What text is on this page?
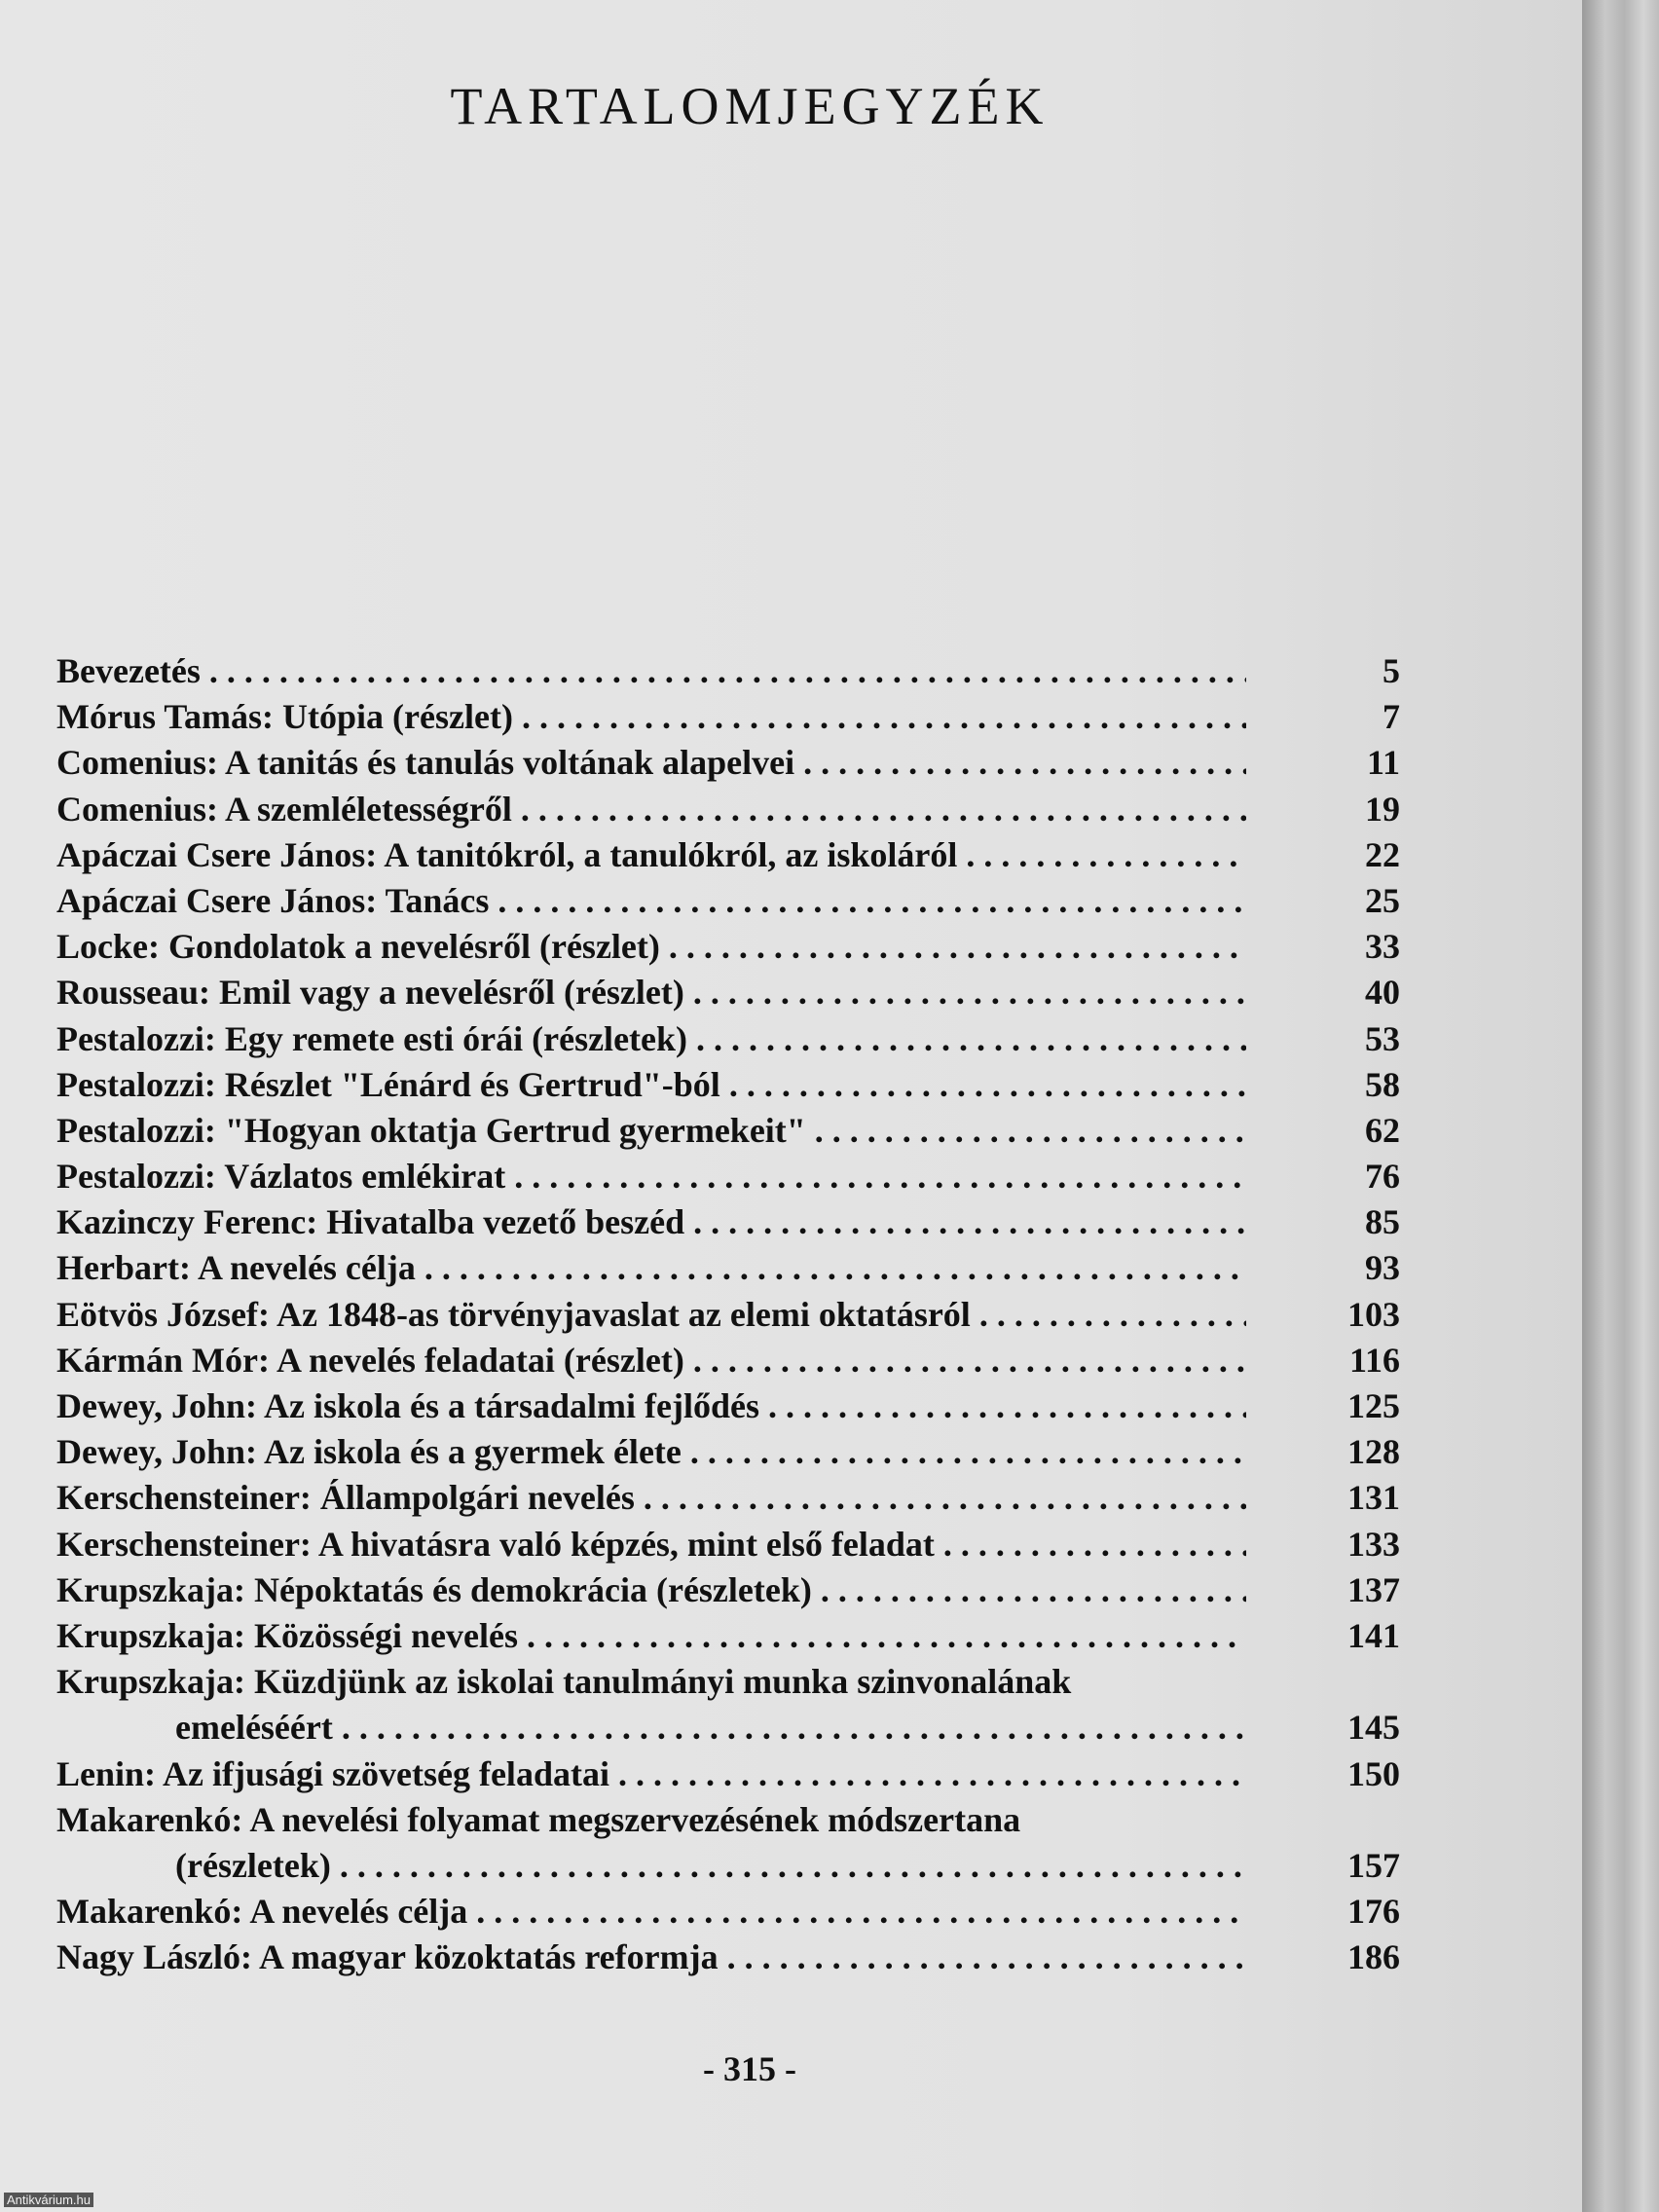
TARTALOMJEGYZÉK
Bevezetés . . .	5
Mórus Tamás: Utópia (részlet) . . .	7
Comenius: A tanitás és tanulás voltának alapelvei . . .	11
Comenius: A szemléletességről . . .	19
Apáczai Csere János: A tanitókról, a tanulókról, az iskoláról . . .	22
Apáczai Csere János: Tanács . . .	25
Locke: Gondolatok a nevelésről (részlet) . . .	33
Rousseau: Emil vagy a nevelésről (részlet) . . .	40
Pestalozzi: Egy remete esti órái (részletek) . . .	53
Pestalozzi: Részlet "Lénárd és Gertrud"-ból . . .	58
Pestalozzi: "Hogyan oktatja Gertrud gyermekeit" . . .	62
Pestalozzi: Vázlatos emlékirat . . .	76
Kazinczy Ferenc: Hivatalba vezető beszéd . . .	85
Herbart: A nevelés célja . . .	93
Eötvös József: Az 1848-as törvényjavaslat az elemi oktatásról . . .	103
Kármán Mór: A nevelés feladatai (részlet) . . .	116
Dewey, John: Az iskola és a társadalmi fejlődés . . .	125
Dewey, John: Az iskola és a gyermek élete . . .	128
Kerschensteiner: Állampolgári nevelés . . .	131
Kerschensteiner: A hivatásra való képzés, mint első feladat . . .	133
Krupszkaja: Népoktatás és demokrácia (részletek) . . .	137
Krupszkaja: Közösségi nevelés . . .	141
Krupszkaja: Küzdjünk az iskolai tanulmányi munka szinvonalának
emeléséért . . .	145
Lenin: Az ifjusági szövetség feladatai . . .	150
Makarenkó: A nevelési folyamat megszervezésének módszertana
(részletek) . . .	157
Makarenkó: A nevelés célja . . .	176
Nagy László: A magyar közoktatás reformja . . .	186
- 315 -
Antikvárium.hu
